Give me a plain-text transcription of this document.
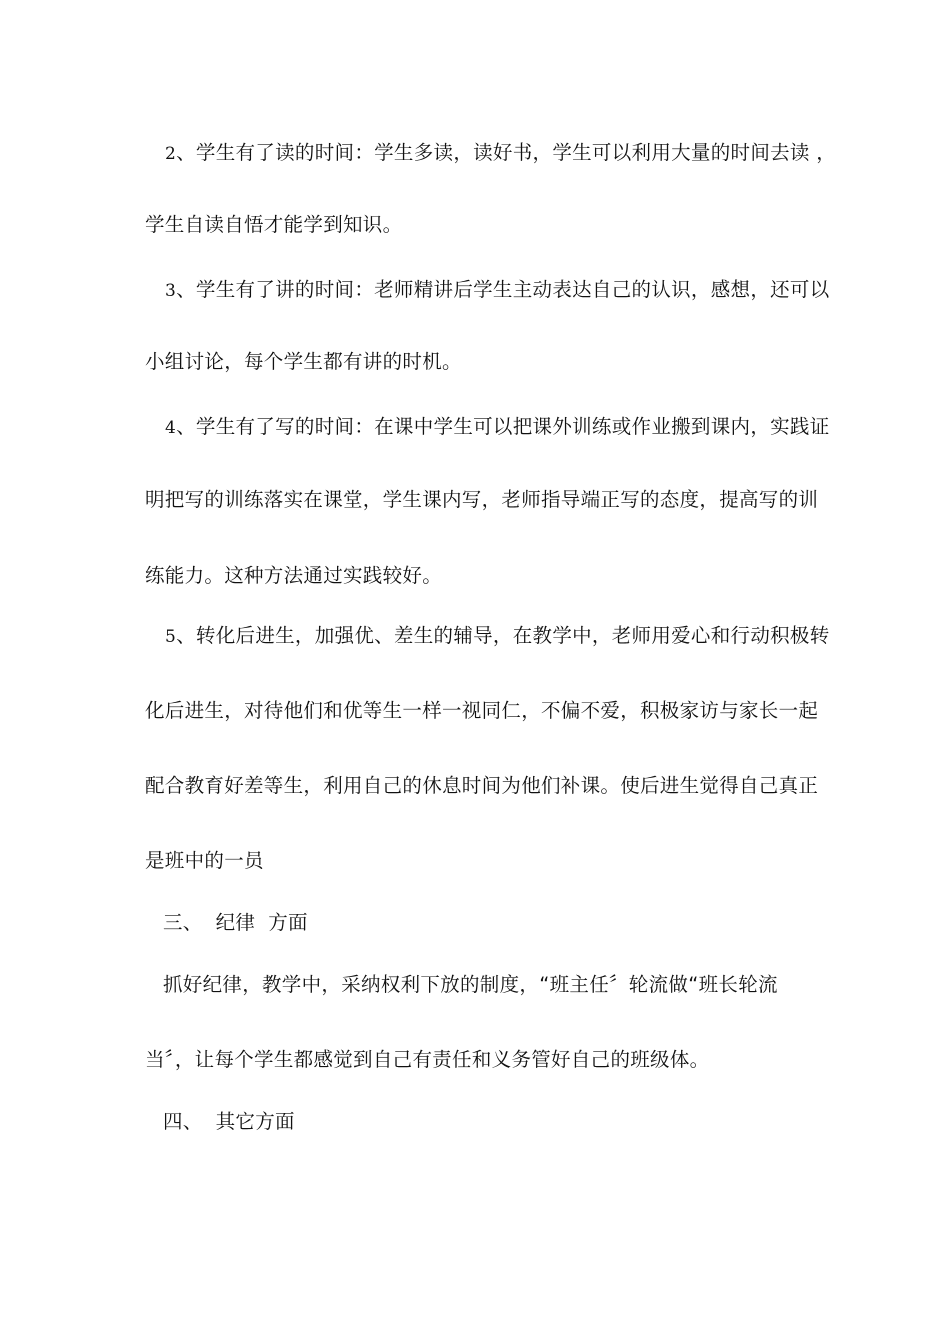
2、学生有了读的时间：学生多读，读好书，学生可以利用大量的时间去读 ，
学生自读自悟才能学到知识。
3、学生有了讲的时间：老师精讲后学生主动表达自己的认识，感想，还可以
小组讨论，每个学生都有讲的时机。
4、学生有了写的时间：在课中学生可以把课外训练或作业搬到课内，实践证
明把写的训练落实在课堂，学生课内写，老师指导端正写的态度，提高写的训
练能力。这种方法通过实践较好。
5、转化后进生，加强优、差生的辅导，在教学中，老师用爱心和行动积极转
化后进生，对待他们和优等生一样一视同仁，不偏不爱，积极家访与家长一起
配合教育好差等生，利用自己的休息时间为他们补课。使后进生觉得自己真正
是班中的一员
三、  纪律  方面
抓好纪律，教学中，采纳权利下放的制度，“班主任〞轮流做“班长轮流
当〞，让每个学生都感觉到自己有责任和义务管好自己的班级体。
四、  其它方面
